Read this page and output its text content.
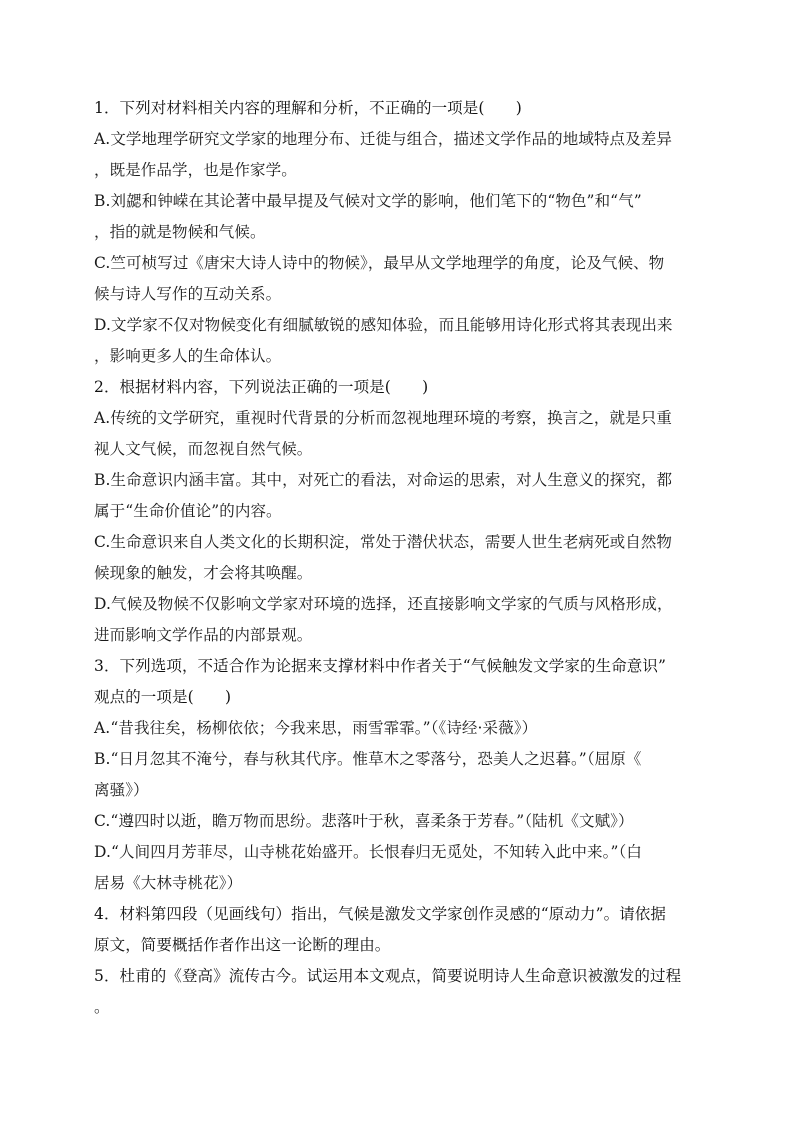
1．下列对材料相关内容的理解和分析，不正确的一项是(　　)
A.文学地理学研究文学家的地理分布、迁徙与组合，描述文学作品的地域特点及差异
，既是作品学，也是作家学。
B.刘勰和钟嵘在其论著中最早提及气候对文学的影响，他们笔下的“物色”和“气”
，指的就是物候和气候。
C.竺可桢写过《唐宋大诗人诗中的物候》，最早从文学地理学的角度，论及气候、物
候与诗人写作的互动关系。
D.文学家不仅对物候变化有细腻敏锐的感知体验，而且能够用诗化形式将其表现出来
，影响更多人的生命体认。
2．根据材料内容，下列说法正确的一项是(　　)
A.传统的文学研究，重视时代背景的分析而忽视地理环境的考察，换言之，就是只重
视人文气候，而忽视自然气候。
B.生命意识内涵丰富。其中，对死亡的看法，对命运的思索，对人生意义的探究，都
属于“生命价值论”的内容。
C.生命意识来自人类文化的长期积淀，常处于潜伏状态，需要人世生老病死或自然物
候现象的触发，才会将其唤醒。
D.气候及物候不仅影响文学家对环境的选择，还直接影响文学家的气质与风格形成，
进而影响文学作品的内部景观。
3．下列选项，不适合作为论据来支撑材料中作者关于“气候触发文学家的生命意识”
观点的一项是(　　)
A.“昔我往矣，杨柳依依；今我来思，雨雪霏霏。”（《诗经·采薇》）
B.“日月忽其不淹兮，春与秋其代序。惟草木之零落兮，恐美人之迟暮。”（屈原《
离骚》）
C.“遵四时以逝，瞻万物而思纷。悲落叶于秋，喜柔条于芳春。”（陆机《文赋》）
D.“人间四月芳菲尽，山寺桃花始盛开。长恨春归无觅处，不知转入此中来。”（白
居易《大林寺桃花》）
4．材料第四段（见画线句）指出，气候是激发文学家创作灵感的“原动力”。请依据
原文，简要概括作者作出这一论断的理由。
5．杜甫的《登高》流传古今。试运用本文观点，简要说明诗人生命意识被激发的过程
。
